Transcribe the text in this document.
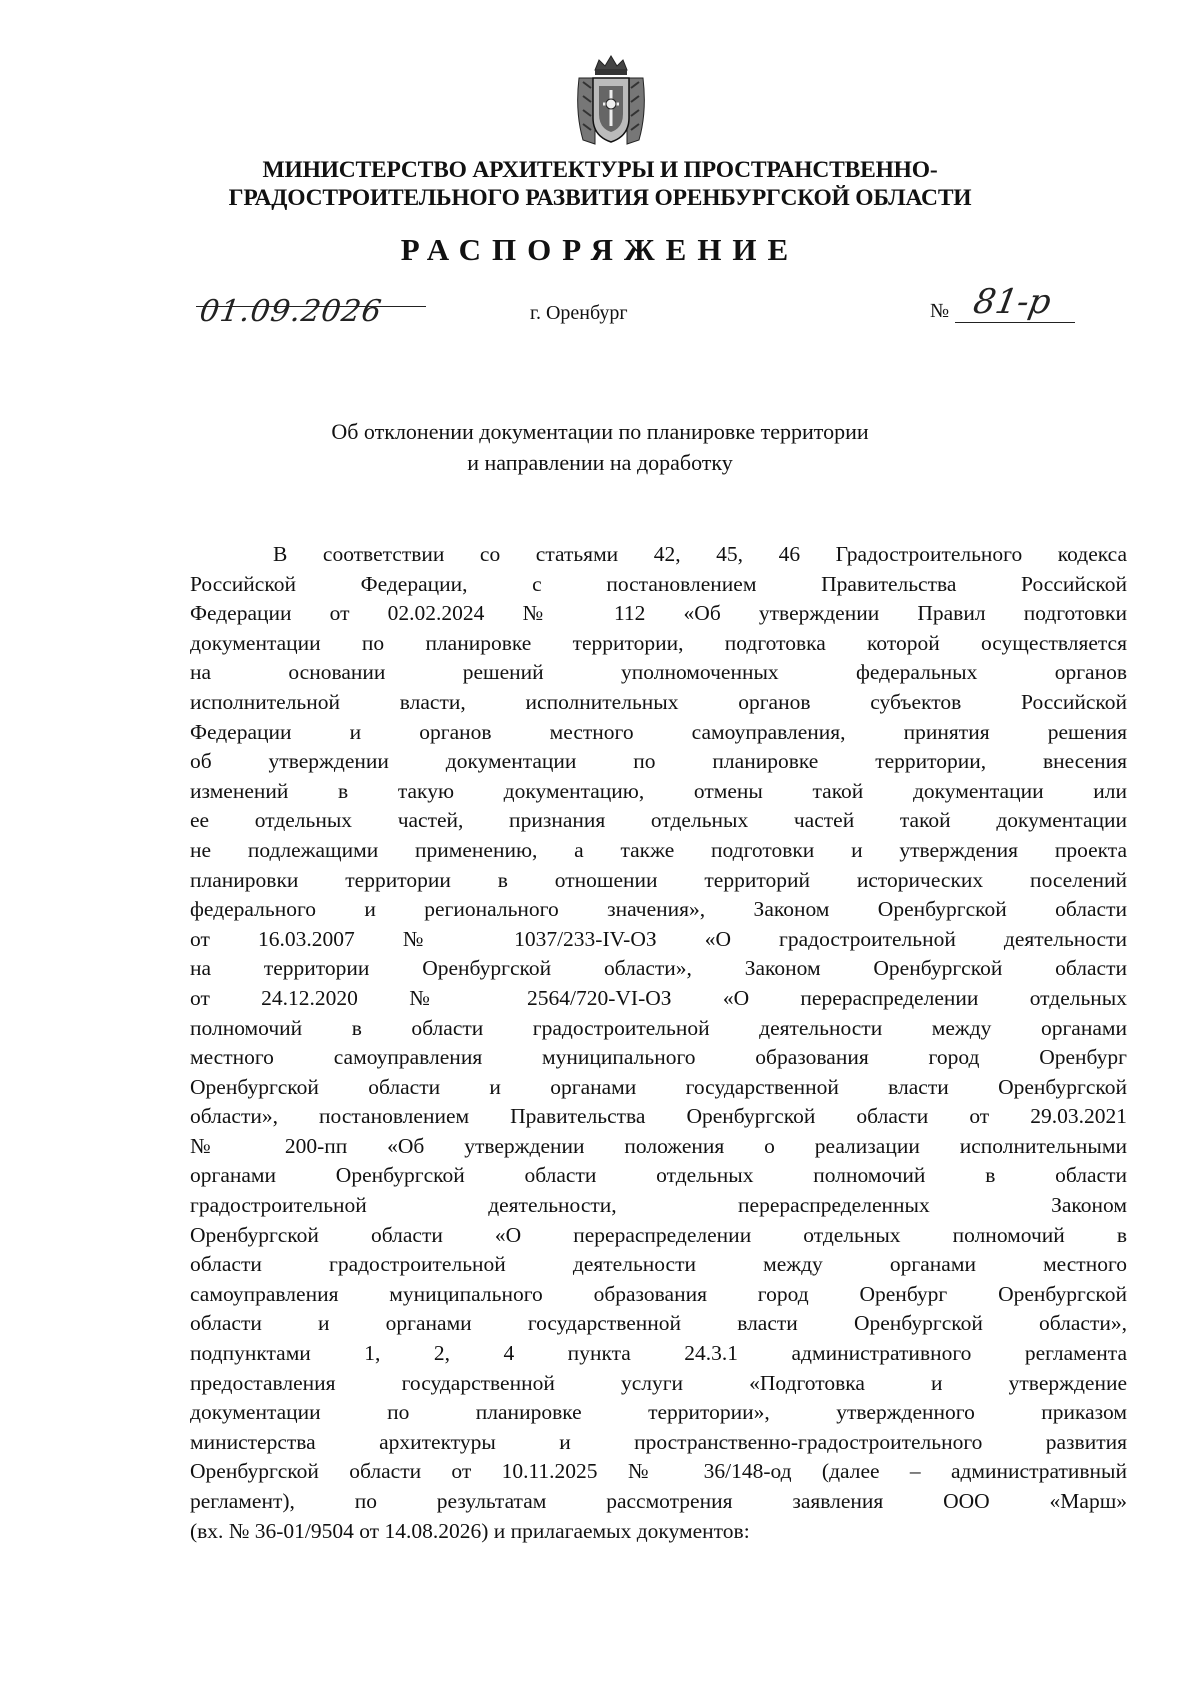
МИНИСТЕРСТВО АРХИТЕКТУРЫ И ПРОСТРАНСТВЕННО-
ГРАДОСТРОИТЕЛЬНОГО РАЗВИТИЯ ОРЕНБУРГСКОЙ ОБЛАСТИ
РАСПОРЯЖЕНИЕ
01.09.2026	г. Оренбург	№ 81-р
Об отклонении документации по планировке территории
и направлении на доработку
В соответствии со статьями 42, 45, 46 Градостроительного кодекса
Российской Федерации, с постановлением Правительства Российской
Федерации от 02.02.2024 № 112 «Об утверждении Правил подготовки
документации по планировке территории, подготовка которой осуществляется
на основании решений уполномоченных федеральных органов
исполнительной власти, исполнительных органов субъектов Российской
Федерации и органов местного самоуправления, принятия решения
об утверждении документации по планировке территории, внесения
изменений в такую документацию, отмены такой документации или
ее отдельных частей, признания отдельных частей такой документации
не подлежащими применению, а также подготовки и утверждения проекта
планировки территории в отношении территорий исторических поселений
федерального и регионального значения», Законом Оренбургской области
от 16.03.2007 № 1037/233-IV-ОЗ «О градостроительной деятельности
на территории Оренбургской области», Законом Оренбургской области
от 24.12.2020 № 2564/720-VI-ОЗ «О перераспределении отдельных
полномочий в области градостроительной деятельности между органами
местного самоуправления муниципального образования город Оренбург
Оренбургской области и органами государственной власти Оренбургской
области», постановлением Правительства Оренбургской области от 29.03.2021
№ 200-пп «Об утверждении положения о реализации исполнительными
органами Оренбургской области отдельных полномочий в области
градостроительной деятельности, перераспределенных Законом
Оренбургской области «О перераспределении отдельных полномочий в
области градостроительной деятельности между органами местного
самоуправления муниципального образования город Оренбург Оренбургской
области и органами государственной власти Оренбургской области»,
подпунктами 1, 2, 4 пункта 24.3.1 административного регламента
предоставления государственной услуги «Подготовка и утверждение
документации по планировке территории», утвержденного приказом
министерства архитектуры и пространственно-градостроительного развития
Оренбургской области от 10.11.2025 № 36/148-од (далее – административный
регламент), по результатам рассмотрения заявления ООО «Марш»
(вх. № 36-01/9504 от 14.08.2026) и прилагаемых документов:
